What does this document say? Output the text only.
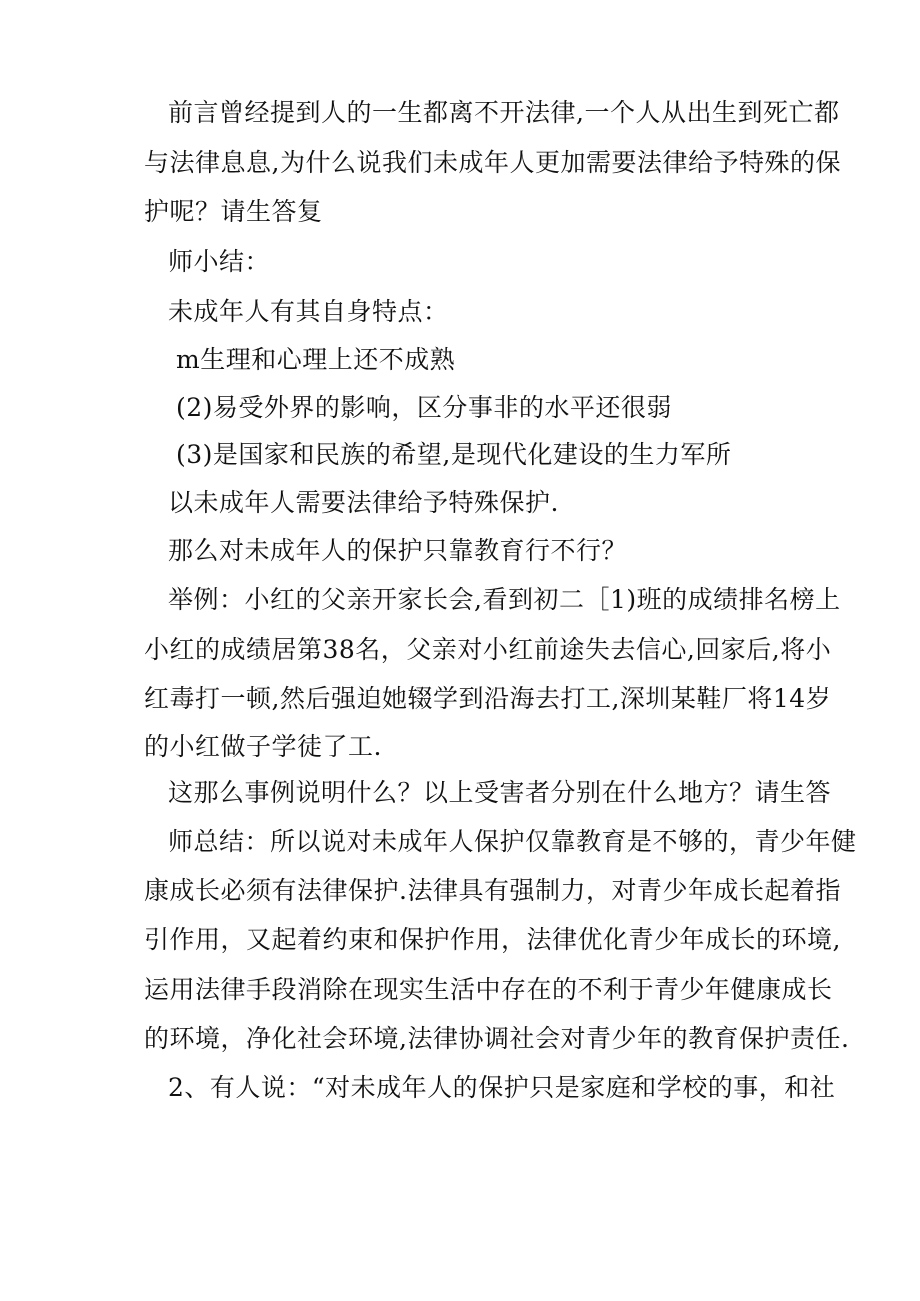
前言曾经提到人的一生都离不开法律,一个人从出生到死亡都
与法律息息,为什么说我们未成年人更加需要法律给予特殊的保
护呢？请生答复
师小结：
未成年人有其自身特点：
m生理和心理上还不成熟
(2)易受外界的影响，区分事非的水平还很弱
(3)是国家和民族的希望,是现代化建设的生力军所
以未成年人需要法律给予特殊保护.
那么对未成年人的保护只靠教育行不行？
举例：小红的父亲开家长会,看到初二［1)班的成绩排名榜上
小红的成绩居第38名，父亲对小红前途失去信心,回家后,将小
红毒打一顿,然后强迫她辍学到沿海去打工,深圳某鞋厂将14岁
的小红做子学徒了工.
这那么事例说明什么？以上受害者分别在什么地方？请生答
师总结：所以说对未成年人保护仅靠教育是不够的，青少年健
康成长必须有法律保护.法律具有强制力，对青少年成长起着指
引作用，又起着约束和保护作用，法律优化青少年成长的环境,
运用法律手段消除在现实生活中存在的不利于青少年健康成长
的环境，净化社会环境,法律协调社会对青少年的教育保护责任.
2、有人说：“对未成年人的保护只是家庭和学校的事，和社
